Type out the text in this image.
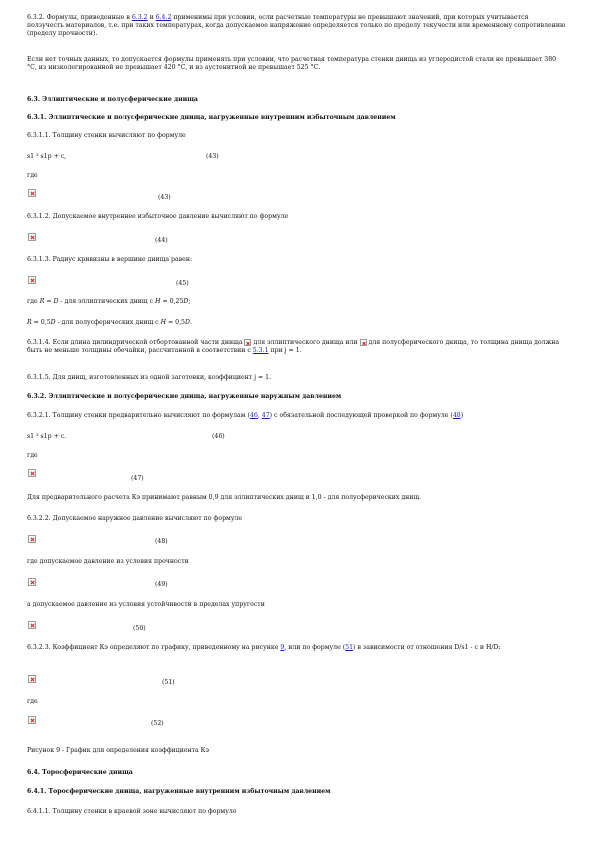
6.3.2. Формулы, приведенные в 6.3.2 и 6.4.2 применимы при условии, если расчетные температуры не превышают значений, при которых учитывается ползучесть материалов, т.е. при таких температурах, когда допускаемое напряжение определяется только по пределу текучести или временному сопротивлению (пределу прочности).
Если нет точных данных, то допускается формулы применять при условии, что расчетная температура стенки днища из углеродистой стали не превышает 380 °С, из низколегированной не превышает 420 °С, и из аустенитной не превышает 525 °С.
6.3. Эллиптические и полусферические днища
6.3.1. Эллиптические и полусферические днища, нагруженные внутренним избыточным давлением
6.3.1.1. Толщину стенки вычисляют по формуле
s1 ³ s1p + c,	(43)
где
(43)
6.3.1.2. Допускаемое внутреннее избыточное давление вычисляют по формуле
(44)
6.3.1.3. Радиус кривизны в вершине днища равен:
(45)
где R = D - для эллиптических днищ с H = 0,25D;
R = 0,5D - для полусферических днищ с H = 0,5D.
6.3.1.4. Если длина цилиндрической отбортованной части днища для эллиптического днища или для полусферического днища, то толщина днища должна быть не меньше толщины обечайки, рассчитанной в соответствии с 5.3.1 при j = 1.
6.3.1.5. Для днищ, изготовленных из одной заготовки, коэффициент j = 1.
6.3.2. Эллиптические и полусферические днища, нагруженные наружным давлением
6.3.2.1. Толщину стенки предварительно вычисляют по формулам (46, 47) с обязательной последующей проверкой по формуле (48)
s1 ³ s1p + c.	(46)
где
(47)
Для предварительного расчета Кэ принимают равным 0,9 для эллиптических днищ и 1,0 - для полусферических днищ.
6.3.2.2. Допускаемое наружное давление вычисляют по формуле
(48)
где допускаемое давление из условия прочности
(49)
а допускаемое давление из условия устойчивости в пределах упругости
(50)
6.3.2.3. Коэффициент Кэ определяют по графику, приведенному на рисунке 9, или по формуле (51) в зависимости от отношения D/s1 - с и H/D:
(51)
где
(52)
Рисунок 9 - График для определения коэффициента Кэ
6.4. Торосферические днища
6.4.1. Торосферические днища, нагруженные внутренним избыточным давлением
6.4.1.1. Толщину стенки в краевой зоне вычисляют по формуле
